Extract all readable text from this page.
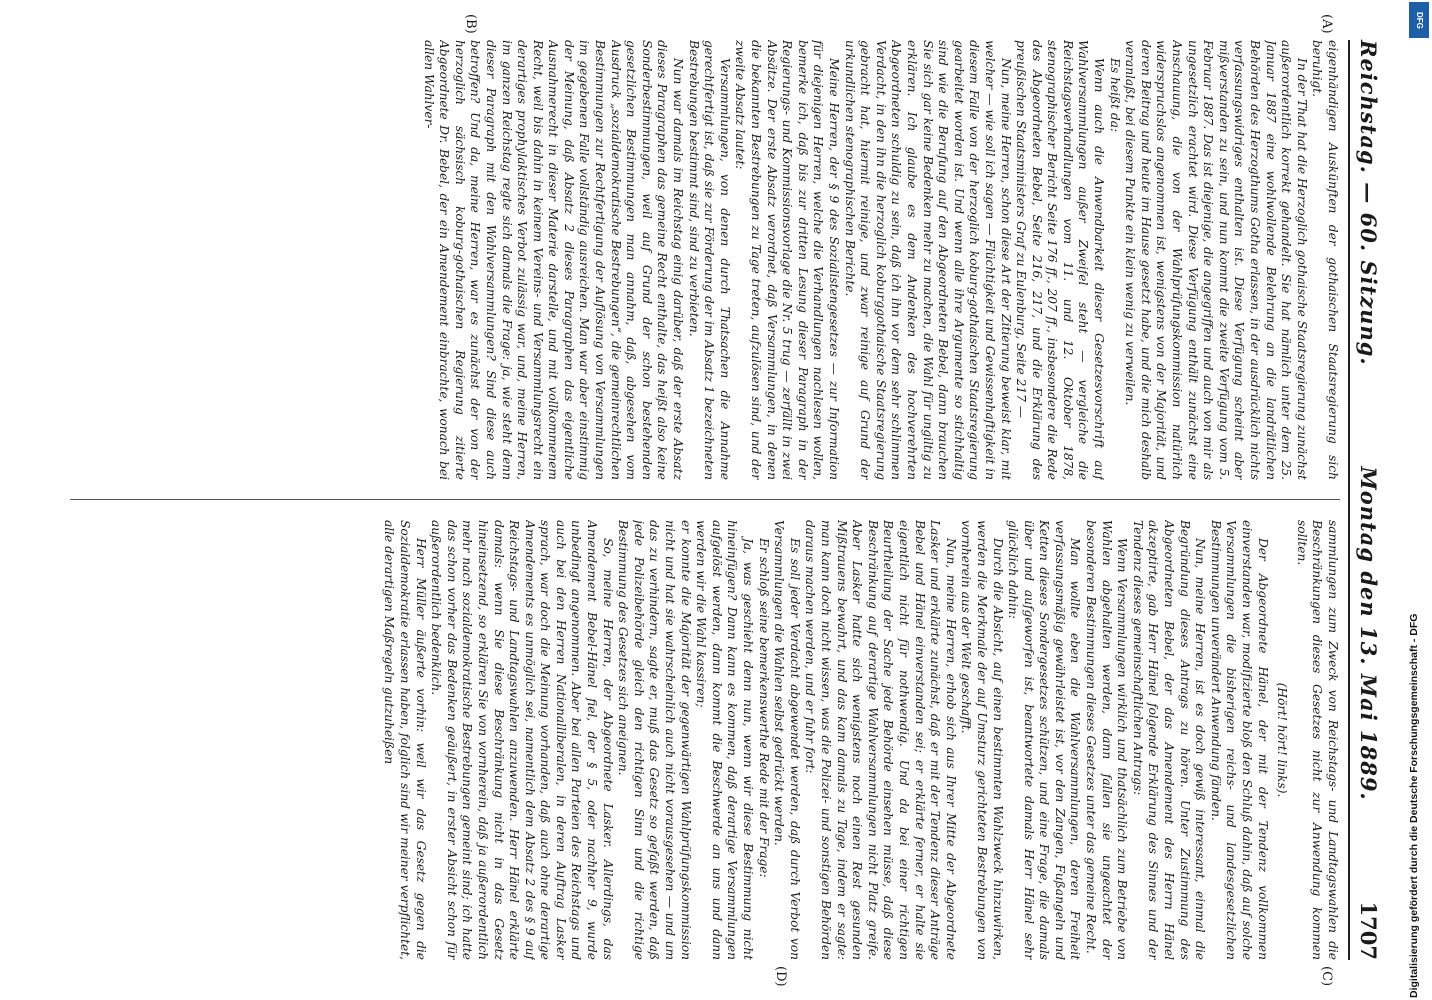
Reichstag. — 60. Sitzung.
Montag den 13. Mai 1889.
1707
(A)
(B)
(C)
(D)

eigenhändigen Auskünften der gothaischen Staatsregierung sich beruhigt.

In der That hat die Herzoglich gothaische Staatsregierung zunächst außerordentlich korrekt gehandelt. Sie hat nämlich unter dem 25. Januar 1887 eine wohlwollende Belehrung an die landrätlichen Behörden des Herzogthums Gotha erlassen, in der ausdrücklich nichts verfassungswidriges enthalten ist. Diese Verfügung scheint aber mißverstanden zu sein, und nun kommt die zweite Verfügung vom 5. Februar 1887. Das ist diejenige, die angegriffen und auch von mir als ungesetzlich erachtet wird. Diese Verfügung enthält zunächst eine Anschauung, die von der Wahlprüfungskommission natürlich widerspruchslos angenommen ist, wenigstens von der Majorität, und deren Beitrag und heute im Hause gesetzt habe, und die mich deshalb veranlaßt, bei diesem Punkte ein klein wenig zu verweilen.

Es heißt da:

Wenn auch die Anwendbarkeit dieser Gesetzesvorschrift auf Wahlversammlungen außer Zweifel steht — vergleiche die Reichstagsverhandlungen vom 11. und 12. Oktober 1878, stenographischer Bericht Seite 176 ff., 207 ff., insbesondere die Rede des Abgeordneten Bebel, Seite 216, 217, und die Erklärung des preußischen Staatsministers Graf zu Eulenburg, Seite 217 —

Nun, meine Herren, schon diese Art der Zitierung beweist klar, mit welcher — wie soll ich sagen — Flüchtigkeit und Gewissenhaftigkeit in diesem Falle von der herzoglich koburg-gothaischen Staatsregierung gearbeitet worden ist. Und wenn alle ihre Argumente so stichhaltig sind wie die Berufung auf den Abgeordneten Bebel, dann brauchen Sie sich gar keine Bedenken mehr zu machen, die Wahl für ungiltig zu erklären. Ich glaube es dem Andenken des hochverehrten Abgeordneten schuldig zu sein, daß ich ihn vor dem sehr schlimmen Verdacht, in den ihn die herzoglich koburggothaische Staatsregierung gebracht hat, hiermit reinige, und zwar reinige auf Grund der urkundlichen stenographischen Berichte.

Meine Herren, der § 9 des Sozialistengesetzes — zur Information für diejenigen Herren, welche die Verhandlungen nachlesen wollen, bemerke ich, daß bis zur dritten Lesung dieser Paragraph in der Regierungs- und Kommissionsvorlage die Nr. 5 trug — zerfällt in zwei Absätze. Der erste Absatz verordnet, daß Versammlungen, in denen die bekannten Bestrebungen zu Tage treten, aufzulösen sind, und der zweite Absatz lautet:

Versammlungen, von denen durch Thatsachen die Annahme gerechtfertigt ist, daß sie zur Förderung der im Absatz 1 bezeichneten Bestrebungen bestimmt sind, sind zu verbieten.

Nun war damals im Reichstag einig darüber, daß der erste Absatz dieses Paragraphen das gemeine Recht enthalte, das heißt also keine Sonderbestimmungen, weil auf Grund der schon bestehenden gesetzlichen Bestimmungen man annahm, daß, abgesehen vom Ausdruck „sozialdemokratische Bestrebungen“, die gemeinrechtlichen Bestimmungen zur Rechtfertigung der Auflösung von Versammlungen im gegebenen Falle vollständig ausreichen. Man war aber einstimmig der Meinung, daß Absatz 2 dieses Paragraphen das eigentliche Ausnahmerecht in dieser Materie darstelle, und mit vollkommenem Recht, weil bis dahin in keinem Vereins- und Versammlungsrecht ein derartiges prophylaktisches Verbot zulässig war, und, meine Herren, im ganzen Reichstag regte sich damals die Frage: ja, wie steht denn dieser Paragraph mit den Wahlversammlungen? Sind diese auch betroffen? Und da, meine Herren, war es zunächst der von der herzoglich sächsisch koburg-gothaischen Regierung zitierte Abgeordnete Dr. Bebel, der ein Amendement einbrachte, wonach bei allen Wahlver-

sammlungen zum Zweck von Reichstags- und Landtagswahlen die Beschränkungen dieses Gesetzes nicht zur Anwendung kommen sollten.

(Hört! hört! links).

Der Abgeordnete Hänel, der mit der Tendenz vollkommen einverstanden war, modifizierte bloß den Schluß dahin, daß auf solche Versammlungen die bisherigen reichs- und landesgesetzlichen Bestimmungen unverändert Anwendung fänden.

Nun, meine Herren, ist es doch gewiß interessant, einmal die Begründung dieses Antrags zu hören. Unter Zustimmung des Abgeordneten Bebel, der das Amendement des Herrn Hänel akzeptirte, gab Herr Hänel folgende Erklärung des Sinnes und der Tendenz dieses gemeinschaftlichen Antrags:

Wenn Versammlungen wirklich und thatsächlich zum Betriebe von Wahlen abgehalten werden, dann fallen sie ungeachtet der besonderen Bestimmungen dieses Gesetzes unter das gemeine Recht.

Man wollte eben die Wahlversammlungen, deren Freiheit verfassungsmäßig gewährleistet ist, vor den Zangen, Fußangeln und Ketten dieses Sondergesetzes schützen, und eine Frage, die damals über und aufgeworfen ist, beantwortete damals Herr Hänel sehr glücklich dahin:

Durch die Absicht, auf einen bestimmten Wahlzweck hinzuwirken, werden die Merkmale der auf Umsturz gerichteten Bestrebungen von vornherein aus der Welt geschafft.

Nun, meine Herren, erhob sich aus Ihrer Mitte der Abgeordnete Lasker und erklärte zunächst, daß er mit der Tendenz dieser Anträge Bebel und Hänel einverstanden sei; er erklärte ferner, er halte sie eigentlich nicht für nothwendig. Und da bei einer richtigen Beurtheilung der Sache jede Behörde einsehen müsse, daß diese Beschränkung auf derartige Wahlversammlungen nicht Platz greife. Aber Lasker hatte sich wenigstens noch einen Rest gesunden Mißtrauens bewahrt, und das kam damals zu Tage, indem er sagte: man kann doch nicht wissen, was die Polizei- und sonstigen Behörden daraus machen werden, und er fuhr fort:

Es soll jeder Verdacht abgewendet werden, daß durch Verbot von Versammlungen die Wahlen selbst gedrückt werden.

Er schloß seine bemerkenswerthe Rede mit der Frage:

Ja, was geschieht denn nun, wenn wir diese Bestimmung nicht hineinfügen? Dann kann es kommen, daß derartige Versammlungen aufgelöst werden, dann kommt die Beschwerde an uns und dann werden wir die Wahl kassiren;

er konnte die Majorität der gegenwärtigen Wahlprüfungskommission nicht und hat sie wahrscheinlich auch nicht vorausgesehen — und um das zu verhindern, sagte er, muß das Gesetz so gefaßt werden, daß jede Polizeibehörde gleich den richtigen Sinn und die richtige Bestimmung des Gesetzes sich aneignen.

So, meine Herren, der Abgeordnete Lasker. Allerdings, das Amendement Bebel-Hänel fiel, der § 5, oder nachher 9, wurde unbedingt angenommen. Aber bei allen Parteien des Reichstags und auch bei den Herren Nationalliberalen, in deren Auftrag Lasker sprach, war doch die Meinung vorhanden, daß auch ohne derartige Amendements es unmöglich sei, namentlich dem Absatz 2 des § 9 auf Reichstags- und Landtagswahlen anzuwenden. Herr Hänel erklärte damals: wenn Sie diese Beschränkung nicht in das Gesetz hineinsetzend, so erklären Sie von vornherein, daß ja außerordentlich mehr nach sozialdemokratische Bestrebungen gemeint sind; ich hatte das schon vorher das Bedenken geäußert, in erster Absicht schon für außerordentlich bedenklich.

Herr Müller äußerte vorhin: weil wir das Gesetz gegen die Sozialdemokratie erlassen haben, folglich sind wir meiner verpflichtet, alle derartigen Maßregeln gutzuheißen

DFG
Digitalisierung gefördert durch die Deutsche Forschungsgemeinschaft - DFG
